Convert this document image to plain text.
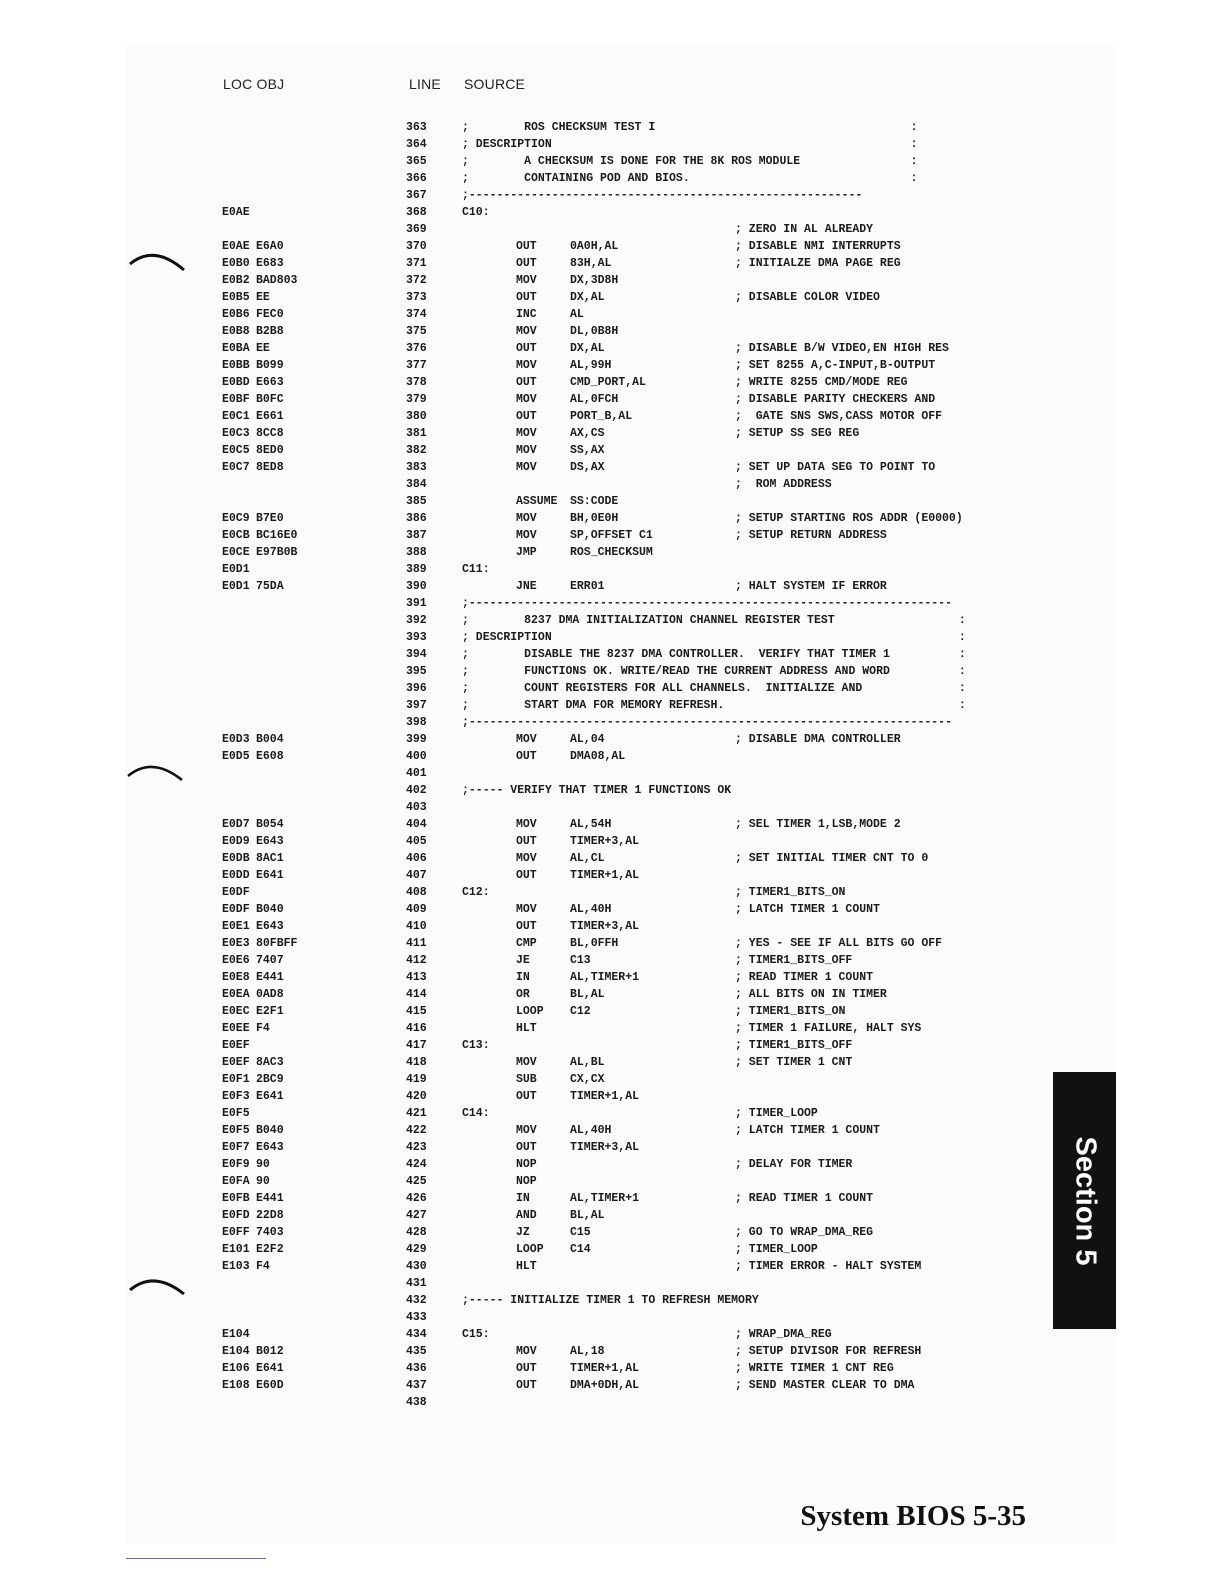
LOC OBJ	LINE SOURCE
363	;        ROS CHECKSUM TEST I                                     :
364	; DESCRIPTION                                                    :
365	;        A CHECKSUM IS DONE FOR THE 8K ROS MODULE                :
366	;        CONTAINING POD AND BIOS.                                :
367	;---------------------------------------------------------
E0AE	368	C10:
369	; ZERO IN AL ALREADY
E0AE E6A0	370	OUT	0A0H,AL	; DISABLE NMI INTERRUPTS
E0B0 E683	371	OUT	83H,AL	; INITIALZE DMA PAGE REG
E0B2 BAD803	372	MOV	DX,3D8H
E0B5 EE	373	OUT	DX,AL	; DISABLE COLOR VIDEO
E0B6 FEC0	374	INC	AL
E0B8 B2B8	375	MOV	DL,0B8H
E0BA EE	376	OUT	DX,AL	; DISABLE B/W VIDEO,EN HIGH RES
E0BB B099	377	MOV	AL,99H	; SET 8255 A,C-INPUT,B-OUTPUT
E0BD E663	378	OUT	CMD_PORT,AL	; WRITE 8255 CMD/MODE REG
E0BF B0FC	379	MOV	AL,0FCH	; DISABLE PARITY CHECKERS AND
E0C1 E661	380	OUT	PORT_B,AL	;  GATE SNS SWS,CASS MOTOR OFF
E0C3 8CC8	381	MOV	AX,CS	; SETUP SS SEG REG
E0C5 8ED0	382	MOV	SS,AX
E0C7 8ED8	383	MOV	DS,AX	; SET UP DATA SEG TO POINT TO
384	;  ROM ADDRESS
385	ASSUME SS:CODE
E0C9 B7E0	386	MOV	BH,0E0H	; SETUP STARTING ROS ADDR (E0000)
E0CB BC16E0	387	MOV	SP,OFFSET C1	; SETUP RETURN ADDRESS
E0CE E97B0B	388	JMP	ROS_CHECKSUM
E0D1	389	C11:
E0D1 75DA	390	JNE	ERR01	; HALT SYSTEM IF ERROR
391	;----------------------------------------------------------------------
392	;        8237 DMA INITIALIZATION CHANNEL REGISTER TEST                  :
393	; DESCRIPTION                                                           :
394	;        DISABLE THE 8237 DMA CONTROLLER.  VERIFY THAT TIMER 1          :
395	;        FUNCTIONS OK. WRITE/READ THE CURRENT ADDRESS AND WORD          :
396	;        COUNT REGISTERS FOR ALL CHANNELS.  INITIALIZE AND              :
397	;        START DMA FOR MEMORY REFRESH.                                  :
398	;----------------------------------------------------------------------
E0D3 B004	399	MOV	AL,04	; DISABLE DMA CONTROLLER
E0D5 E608	400	OUT	DMA08,AL
401
402	;----- VERIFY THAT TIMER 1 FUNCTIONS OK
403
E0D7 B054	404	MOV	AL,54H	; SEL TIMER 1,LSB,MODE 2
E0D9 E643	405	OUT	TIMER+3,AL
E0DB 8AC1	406	MOV	AL,CL	; SET INITIAL TIMER CNT TO 0
E0DD E641	407	OUT	TIMER+1,AL
E0DF	408	C12:	; TIMER1_BITS_ON
E0DF B040	409	MOV	AL,40H	; LATCH TIMER 1 COUNT
E0E1 E643	410	OUT	TIMER+3,AL
E0E3 80FBFF	411	CMP	BL,0FFH	; YES - SEE IF ALL BITS GO OFF
E0E6 7407	412	JE	C13	; TIMER1_BITS_OFF
E0E8 E441	413	IN	AL,TIMER+1	; READ TIMER 1 COUNT
E0EA 0AD8	414	OR	BL,AL	; ALL BITS ON IN TIMER
E0EC E2F1	415	LOOP C12	; TIMER1_BITS_ON
E0EE F4	416	HLT	; TIMER 1 FAILURE, HALT SYS
E0EF	417	C13:	; TIMER1_BITS_OFF
E0EF 8AC3	418	MOV	AL,BL	; SET TIMER 1 CNT
E0F1 2BC9	419	SUB	CX,CX
E0F3 E641	420	OUT	TIMER+1,AL
E0F5	421	C14:	; TIMER_LOOP
E0F5 B040	422	MOV	AL,40H	; LATCH TIMER 1 COUNT
E0F7 E643	423	OUT	TIMER+3,AL
E0F9 90	424	NOP	; DELAY FOR TIMER
E0FA 90	425	NOP
E0FB E441	426	IN	AL,TIMER+1	; READ TIMER 1 COUNT
E0FD 22D8	427	AND	BL,AL
E0FF 7403	428	JZ	C15	; GO TO WRAP_DMA_REG
E101 E2F2	429	LOOP C14	; TIMER_LOOP
E103 F4	430	HLT	; TIMER ERROR - HALT SYSTEM
431
432	;----- INITIALIZE TIMER 1 TO REFRESH MEMORY
433
E104	434	C15:	; WRAP_DMA_REG
E104 B012	435	MOV	AL,18	; SETUP DIVISOR FOR REFRESH
E106 E641	436	OUT	TIMER+1,AL	; WRITE TIMER 1 CNT REG
E108 E60D	437	OUT	DMA+0DH,AL	; SEND MASTER CLEAR TO DMA
438
Section 5
System BIOS 5-35
